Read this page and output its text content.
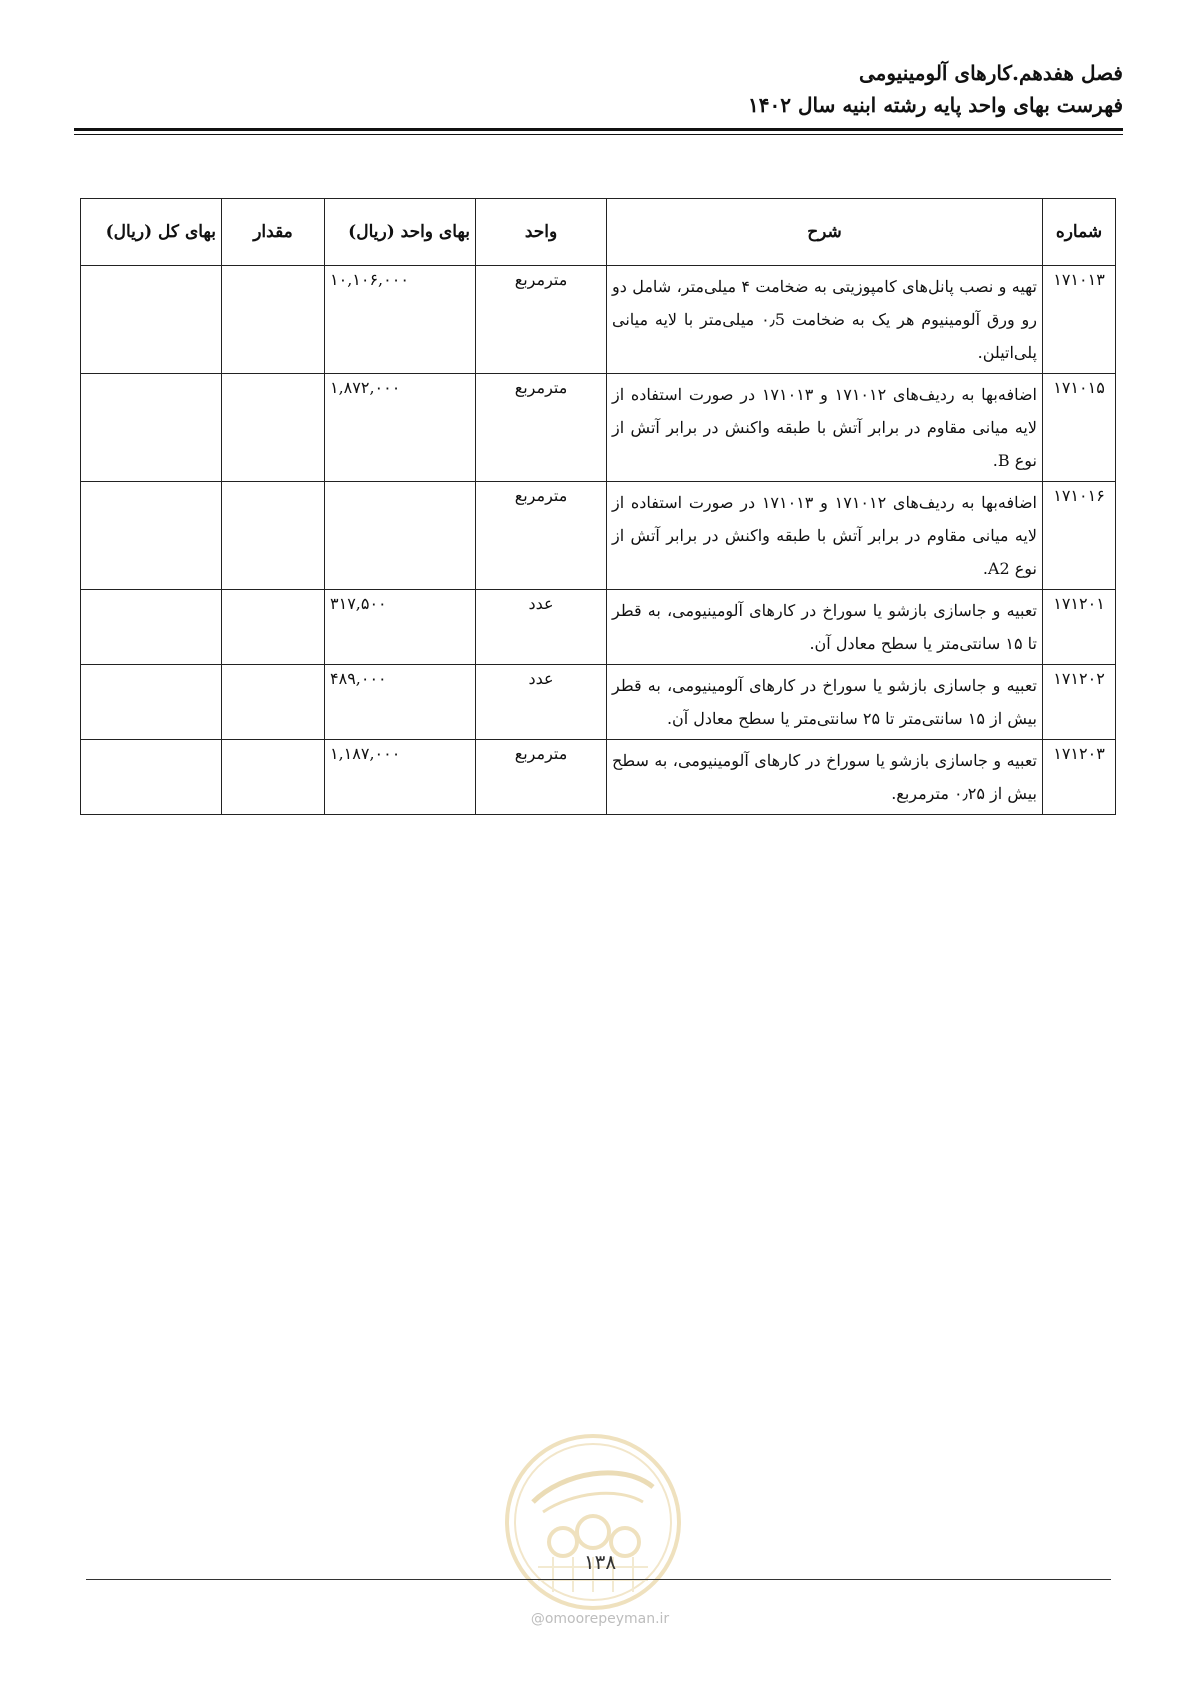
فصل هفدهم.کارهای آلومینیومی
فهرست بهای واحد پایه رشته ابنیه سال ۱۴۰۲
شماره	شرح	واحد	بهای واحد (ریال)	مقدار	بهای کل (ریال)
۱۷۱۰۱۳	تهیه و نصب پانل‌های کامپوزیتی به ضخامت ۴ میلی‌متر، شامل دو رو ورق آلومینیوم هر یک به ضخامت ۰٫5 میلی‌متر با لایه میانی پلی‌اتیلن.	مترمربع	۱۰,۱۰۶,۰۰۰		
۱۷۱۰۱۵	اضافه‌بها به ردیف‌های ۱۷۱۰۱۲ و ۱۷۱۰۱۳ در صورت استفاده از لایه میانی مقاوم در برابر آتش با طبقه واکنش در برابر آتش از نوع B.	مترمربع	۱,۸۷۲,۰۰۰		
۱۷۱۰۱۶	اضافه‌بها به ردیف‌های ۱۷۱۰۱۲ و ۱۷۱۰۱۳ در صورت استفاده از لایه میانی مقاوم در برابر آتش با طبقه واکنش در برابر آتش از نوع A2.	مترمربع			
۱۷۱۲۰۱	تعبیه و جاسازی بازشو یا سوراخ در کارهای آلومینیومی، به قطر تا ۱۵ سانتی‌متر یا سطح معادل آن.	عدد	۳۱۷,۵۰۰		
۱۷۱۲۰۲	تعبیه و جاسازی بازشو یا سوراخ در کارهای آلومینیومی، به قطر بیش از ۱۵ سانتی‌متر تا ۲۵ سانتی‌متر یا سطح معادل آن.	عدد	۴۸۹,۰۰۰		
۱۷۱۲۰۳	تعبیه و جاسازی بازشو یا سوراخ در کارهای آلومینیومی، به سطح بیش از ۰٫۲۵ مترمربع.	مترمربع	۱,۱۸۷,۰۰۰		
۱۳۸
@omoorepeyman.ir
